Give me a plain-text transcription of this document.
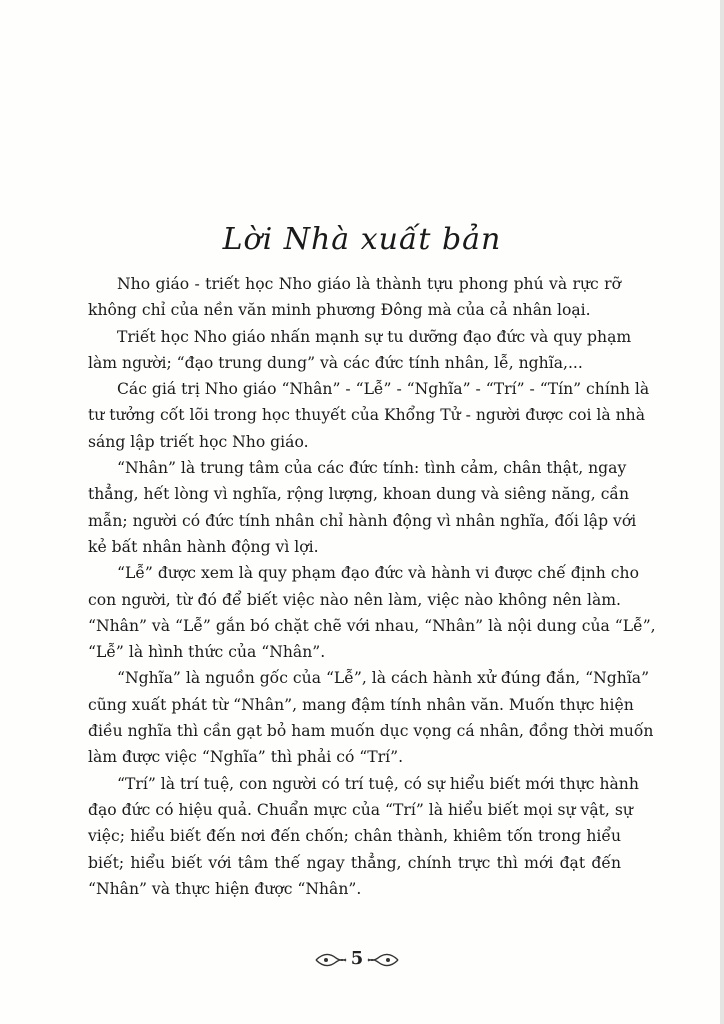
Lời Nhà xuất bản
Nho giáo - triết học Nho giáo là thành tựu phong phú và rực rỡ
không chỉ của nền văn minh phương Đông mà của cả nhân loại.
Triết học Nho giáo nhấn mạnh sự tu dưỡng đạo đức và quy phạm
làm người; “đạo trung dung” và các đức tính nhân, lễ, nghĩa,...
Các giá trị Nho giáo “Nhân” - “Lễ” - “Nghĩa” - “Trí” - “Tín” chính là
tư tưởng cốt lõi trong học thuyết của Khổng Tử - người được coi là nhà
sáng lập triết học Nho giáo.
“Nhân” là trung tâm của các đức tính: tình cảm, chân thật, ngay
thẳng, hết lòng vì nghĩa, rộng lượng, khoan dung và siêng năng, cần
mẫn; người có đức tính nhân chỉ hành động vì nhân nghĩa, đối lập với
kẻ bất nhân hành động vì lợi.
“Lễ” được xem là quy phạm đạo đức và hành vi được chế định cho
con người, từ đó để biết việc nào nên làm, việc nào không nên làm.
“Nhân” và “Lễ” gắn bó chặt chẽ với nhau, “Nhân” là nội dung của “Lễ”,
“Lễ” là hình thức của “Nhân”.
“Nghĩa” là nguồn gốc của “Lễ”, là cách hành xử đúng đắn, “Nghĩa”
cũng xuất phát từ “Nhân”, mang đậm tính nhân văn. Muốn thực hiện
điều nghĩa thì cần gạt bỏ ham muốn dục vọng cá nhân, đồng thời muốn
làm được việc “Nghĩa” thì phải có “Trí”.
“Trí” là trí tuệ, con người có trí tuệ, có sự hiểu biết mới thực hành
đạo đức có hiệu quả. Chuẩn mực của “Trí” là hiểu biết mọi sự vật, sự
việc; hiểu biết đến nơi đến chốn; chân thành, khiêm tốn trong hiểu
biết; hiểu biết với tâm thế ngay thẳng, chính trực thì mới đạt đến
“Nhân” và thực hiện được “Nhân”.
5
